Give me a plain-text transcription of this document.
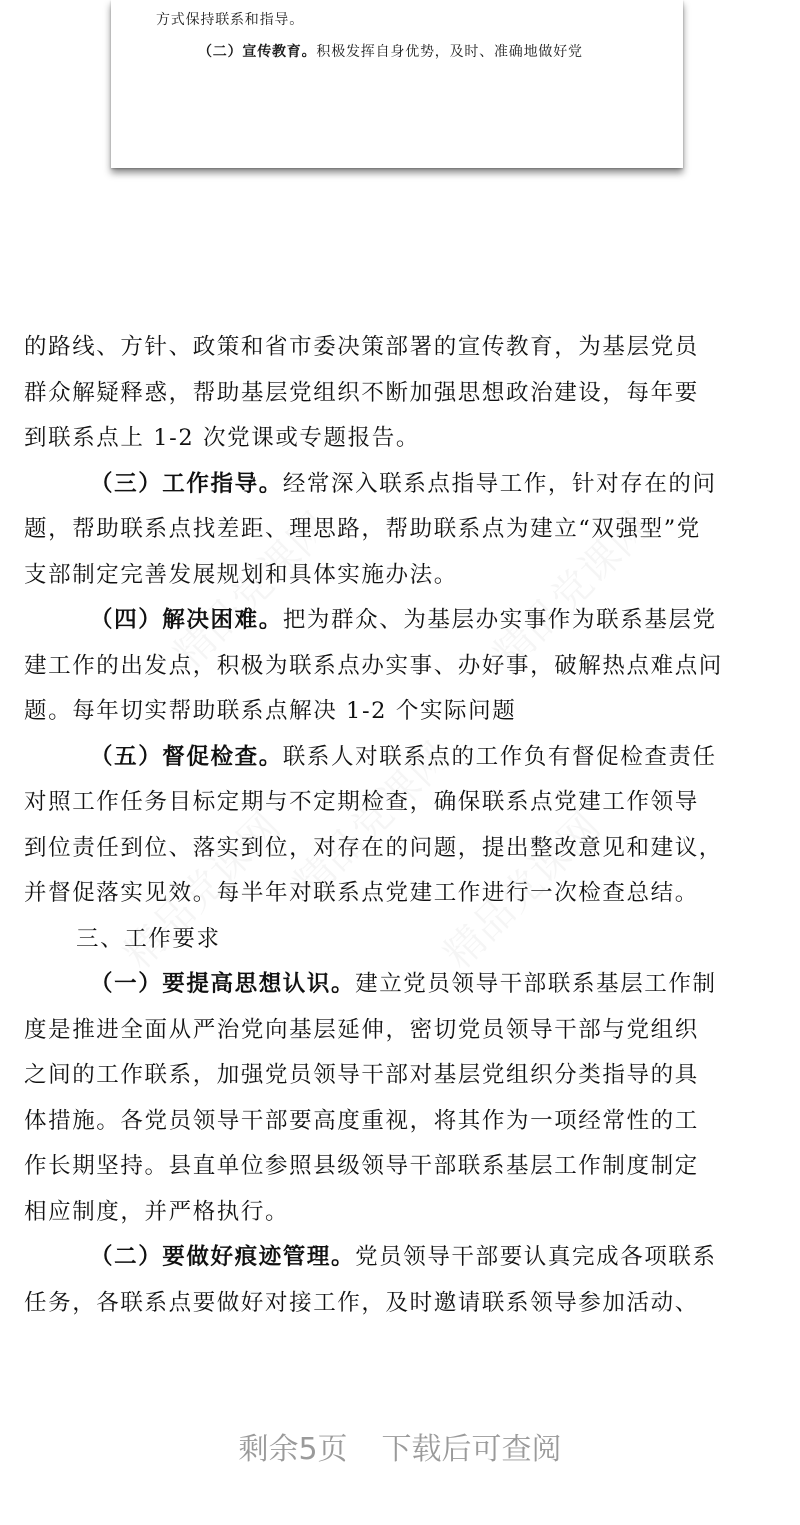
方式保持联系和指导。
（二）宣传教育。积极发挥自身优势，及时、准确地做好党
的路线、方针、政策和省市委决策部署的宣传教育，为基层党员
群众解疑释惑，帮助基层党组织不断加强思想政治建设，每年要
到联系点上 1-2 次党课或专题报告。
（三）工作指导。经常深入联系点指导工作，针对存在的问
题，帮助联系点找差距、理思路，帮助联系点为建立“双强型”党
支部制定完善发展规划和具体实施办法。
（四）解决困难。把为群众、为基层办实事作为联系基层党
建工作的出发点，积极为联系点办实事、办好事，破解热点难点问
题。每年切实帮助联系点解决 1-2 个实际问题
（五）督促检查。联系人对联系点的工作负有督促检查责任
对照工作任务目标定期与不定期检查，确保联系点党建工作领导
到位责任到位、落实到位，对存在的问题，提出整改意见和建议，
并督促落实见效。每半年对联系点党建工作进行一次检查总结。
三、工作要求
（一）要提高思想认识。建立党员领导干部联系基层工作制
度是推进全面从严治党向基层延伸，密切党员领导干部与党组织
之间的工作联系，加强党员领导干部对基层党组织分类指导的具
体措施。各党员领导干部要高度重视，将其作为一项经常性的工
作长期坚持。县直单位参照县级领导干部联系基层工作制度制定
相应制度，并严格执行。
（二）要做好痕迹管理。党员领导干部要认真完成各项联系
任务，各联系点要做好对接工作，及时邀请联系领导参加活动、
剩余5页 下载后可查阅
